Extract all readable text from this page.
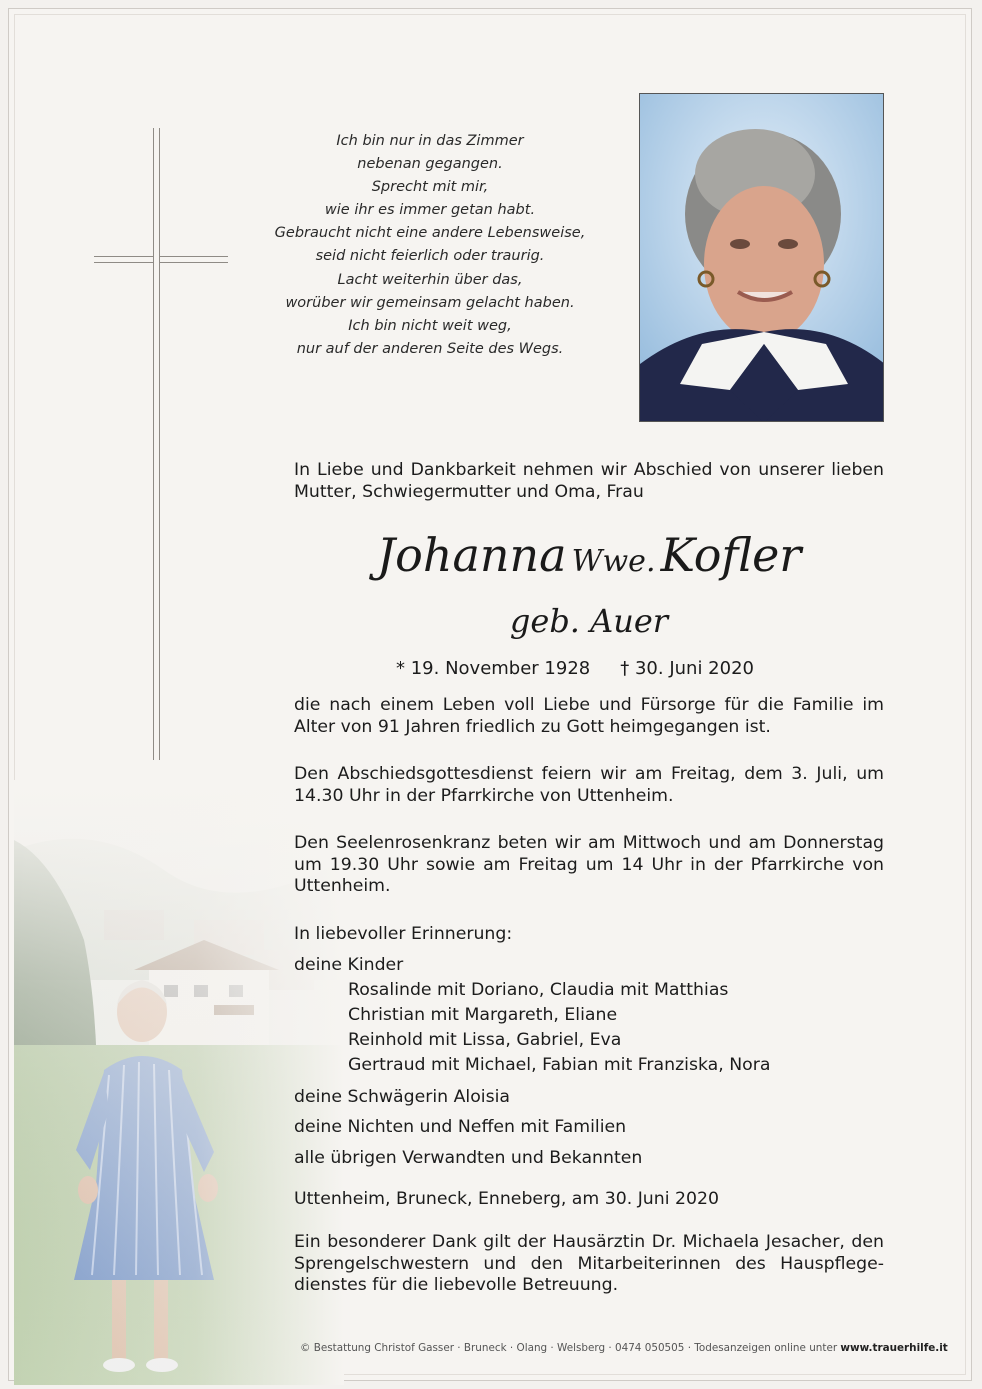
Ich bin nur in das Zimmer
nebenan gegangen.
Sprecht mit mir,
wie ihr es immer getan habt.
Gebraucht nicht eine andere Lebensweise,
seid nicht feierlich oder traurig.
Lacht weiterhin über das,
worüber wir gemeinsam gelacht haben.
Ich bin nicht weit weg,
nur auf der anderen Seite des Wegs.
In Liebe und Dankbarkeit nehmen wir Abschied von unserer lieben Mutter, Schwiegermutter und Oma, Frau
Johanna Wwe. Kofler
geb. Auer
* 19. November 1928 † 30. Juni 2020
die nach einem Leben voll Liebe und Fürsorge für die Familie im Alter von 91 Jahren friedlich zu Gott heimgegangen ist.
Den Abschiedsgottesdienst feiern wir am Freitag, dem 3. Juli, um 14.30 Uhr in der Pfarrkirche von Uttenheim.
Den Seelenrosenkranz beten wir am Mittwoch und am Donnerstag um 19.30 Uhr sowie am Freitag um 14 Uhr in der Pfarrkirche von Uttenheim.
In liebevoller Erinnerung:
deine Kinder
Rosalinde mit Doriano, Claudia mit Matthias
Christian mit Margareth, Eliane
Reinhold mit Lissa, Gabriel, Eva
Gertraud mit Michael, Fabian mit Franziska, Nora
deine Schwägerin Aloisia
deine Nichten und Neffen mit Familien
alle übrigen Verwandten und Bekannten
Uttenheim, Bruneck, Enneberg, am 30. Juni 2020
Ein besonderer Dank gilt der Hausärztin Dr. Michaela Jesacher, den Sprengelschwestern und den Mitarbeiterinnen des Hauspflege-dienstes für die liebevolle Betreuung.
© Bestattung Christof Gasser · Bruneck · Olang · Welsberg · 0474 050505 · Todesanzeigen online unter www.trauerhilfe.it
